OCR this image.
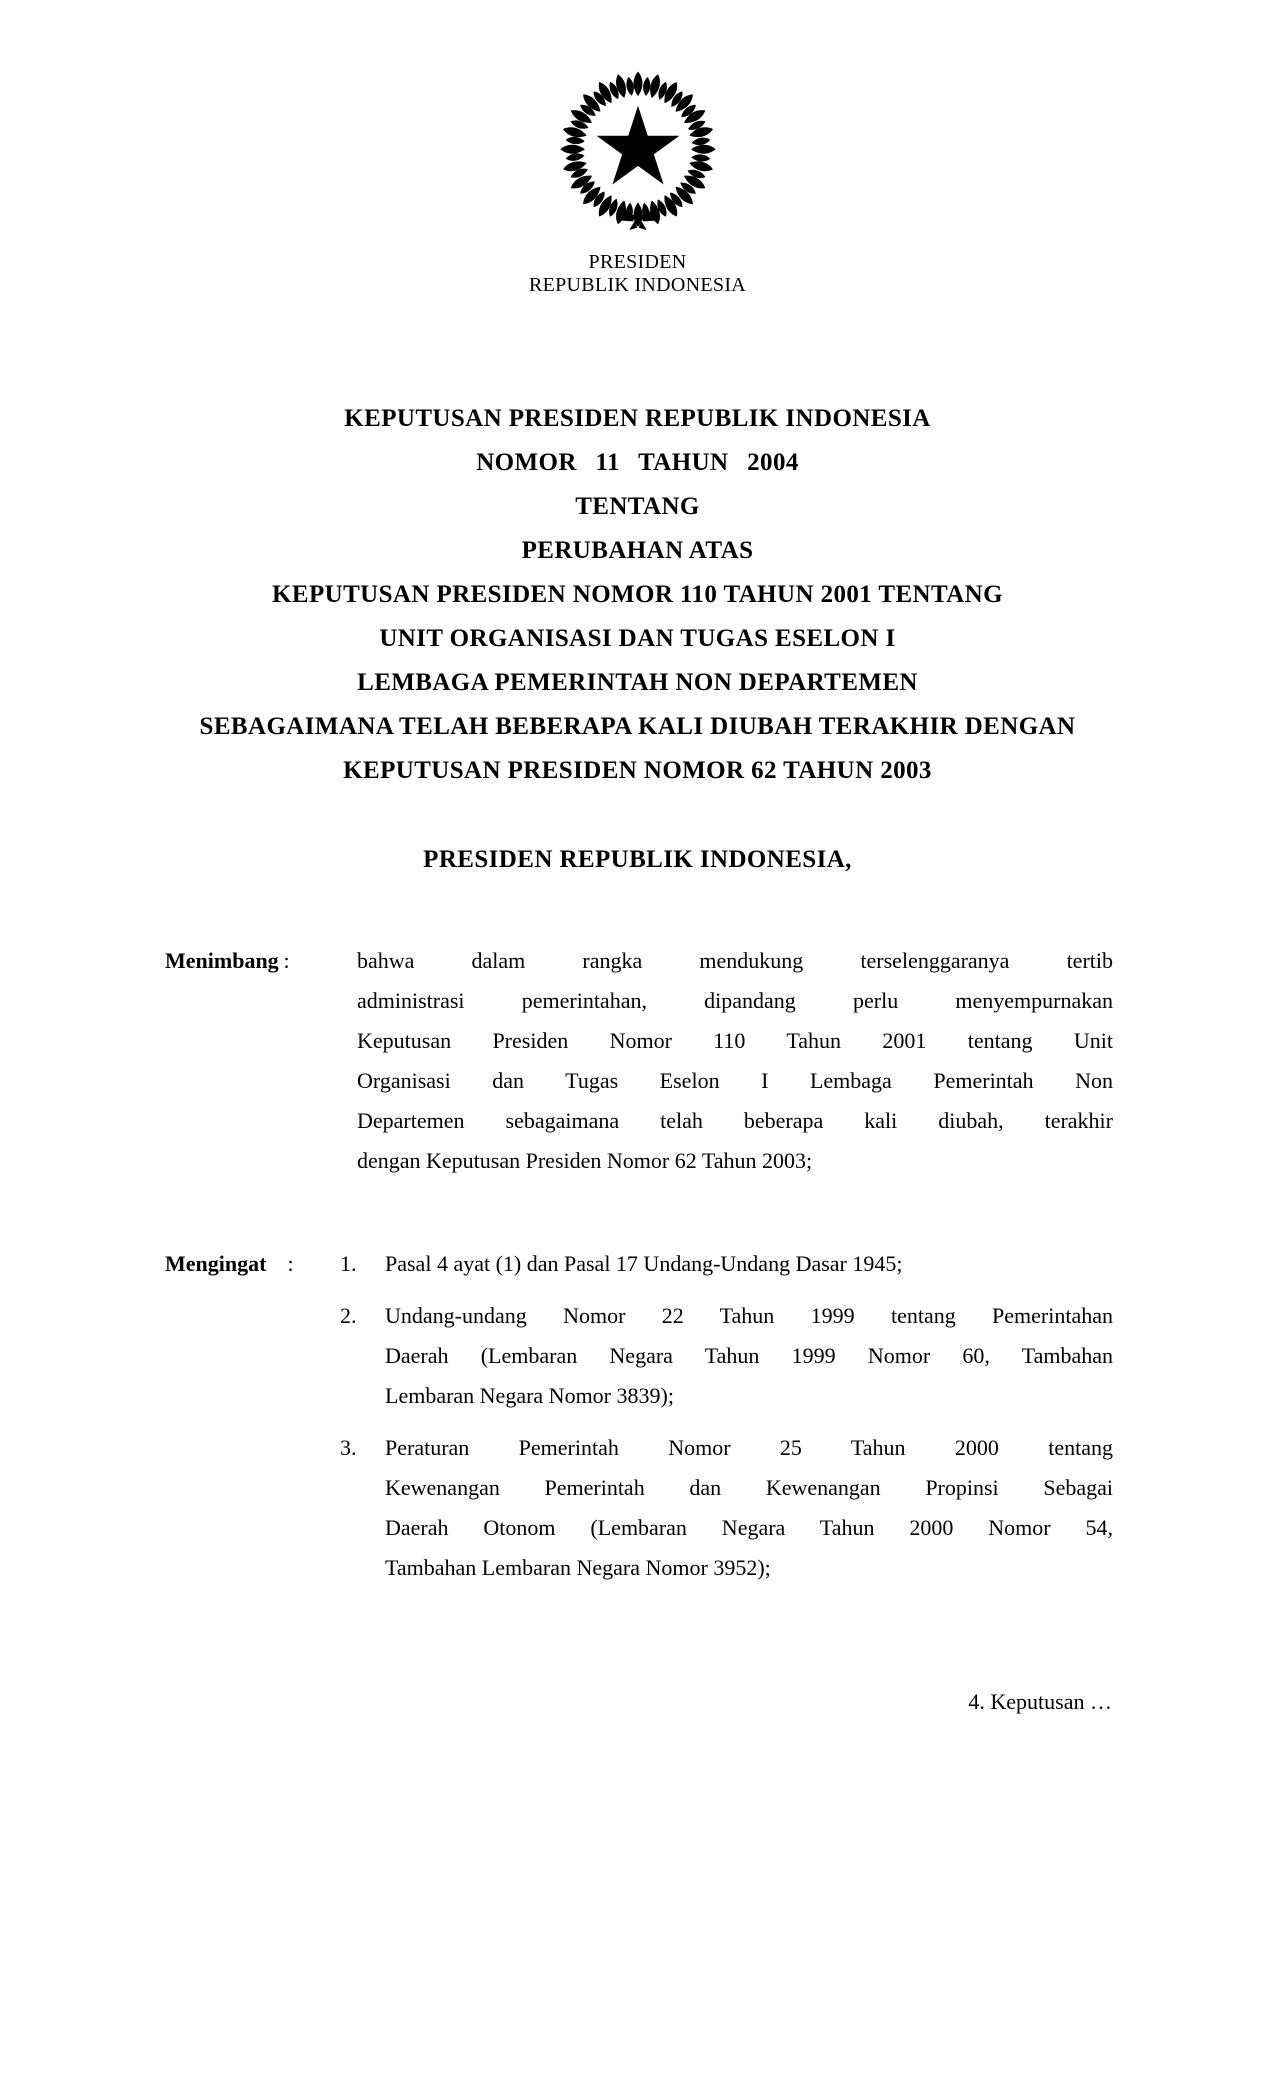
PRESIDEN
REPUBLIK INDONESIA
KEPUTUSAN PRESIDEN REPUBLIK INDONESIA
NOMOR 11 TAHUN 2004
TENTANG
PERUBAHAN ATAS
KEPUTUSAN PRESIDEN NOMOR 110 TAHUN 2001 TENTANG
UNIT ORGANISASI DAN TUGAS ESELON I
LEMBAGA PEMERINTAH NON DEPARTEMEN
SEBAGAIMANA TELAH BEBERAPA KALI DIUBAH TERAKHIR DENGAN
KEPUTUSAN PRESIDEN NOMOR 62 TAHUN 2003
PRESIDEN REPUBLIK INDONESIA,
Menimbang :	bahwa dalam rangka mendukung terselenggaranya tertib
administrasi pemerintahan, dipandang perlu menyempurnakan
Keputusan Presiden Nomor 110 Tahun 2001 tentang Unit
Organisasi dan Tugas Eselon I Lembaga Pemerintah Non
Departemen sebagaimana telah beberapa kali diubah, terakhir
dengan Keputusan Presiden Nomor 62 Tahun 2003;
Mengingat : 1. Pasal 4 ayat (1) dan Pasal 17 Undang-Undang Dasar 1945;
2. Undang-undang Nomor 22 Tahun 1999 tentang Pemerintahan
Daerah (Lembaran Negara Tahun 1999 Nomor 60, Tambahan
Lembaran Negara Nomor 3839);
3. Peraturan Pemerintah Nomor 25 Tahun 2000 tentang
Kewenangan Pemerintah dan Kewenangan Propinsi Sebagai
Daerah Otonom (Lembaran Negara Tahun 2000 Nomor 54,
Tambahan Lembaran Negara Nomor 3952);
4. Keputusan …
